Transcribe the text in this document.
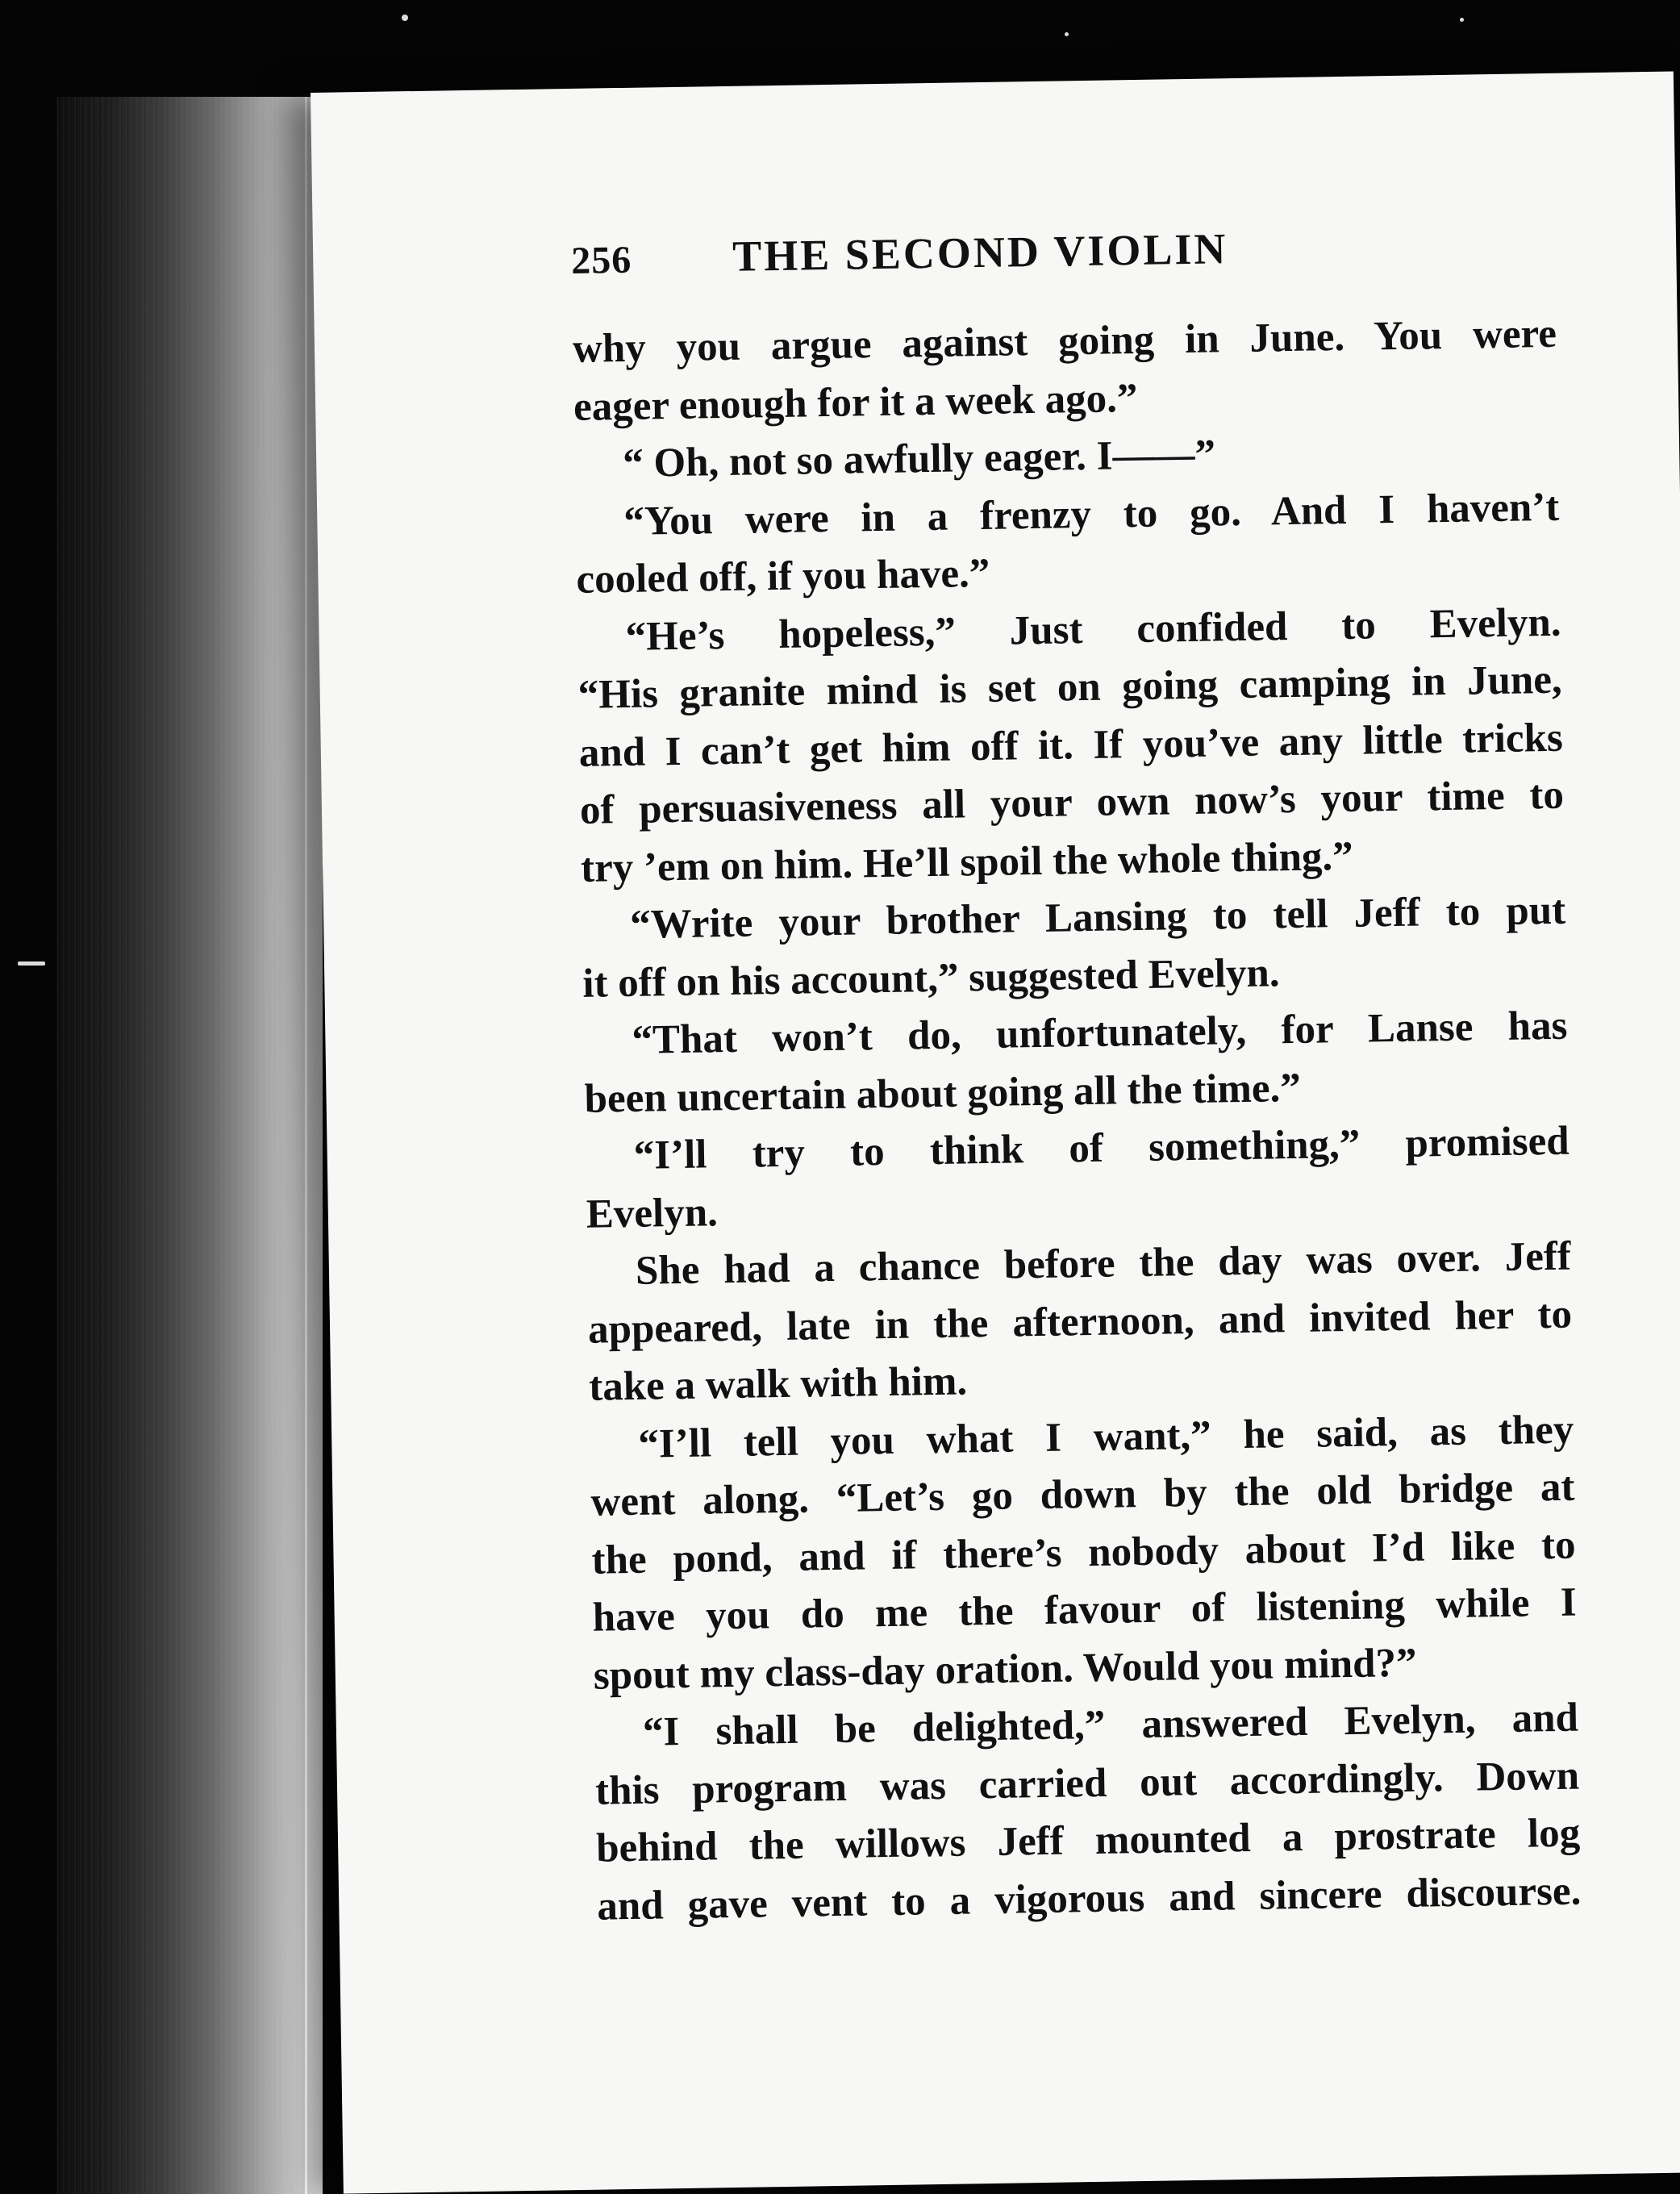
256	THE SECOND VIOLIN
why you argue against going in June. You were
eager enough for it a week ago.”
“ Oh, not so awfully eager. I——”
“You were in a frenzy to go. And I haven’t
cooled off, if you have.”
“He’s hopeless,” Just confided to Evelyn.
“His granite mind is set on going camping in June,
and I can’t get him off it. If you’ve any little tricks
of persuasiveness all your own now’s your time to
try ’em on him. He’ll spoil the whole thing.”
“Write your brother Lansing to tell Jeff to put
it off on his account,” suggested Evelyn.
“That won’t do, unfortunately, for Lanse has
been uncertain about going all the time.”
“I’ll try to think of something,” promised
Evelyn.
She had a chance before the day was over. Jeff
appeared, late in the afternoon, and invited her to
take a walk with him.
“I’ll tell you what I want,” he said, as they
went along. “Let’s go down by the old bridge at
the pond, and if there’s nobody about I’d like to
have you do me the favour of listening while I
spout my class-day oration. Would you mind?”
“I shall be delighted,” answered Evelyn, and
this program was carried out accordingly. Down
behind the willows Jeff mounted a prostrate log
and gave vent to a vigorous and sincere discourse.
